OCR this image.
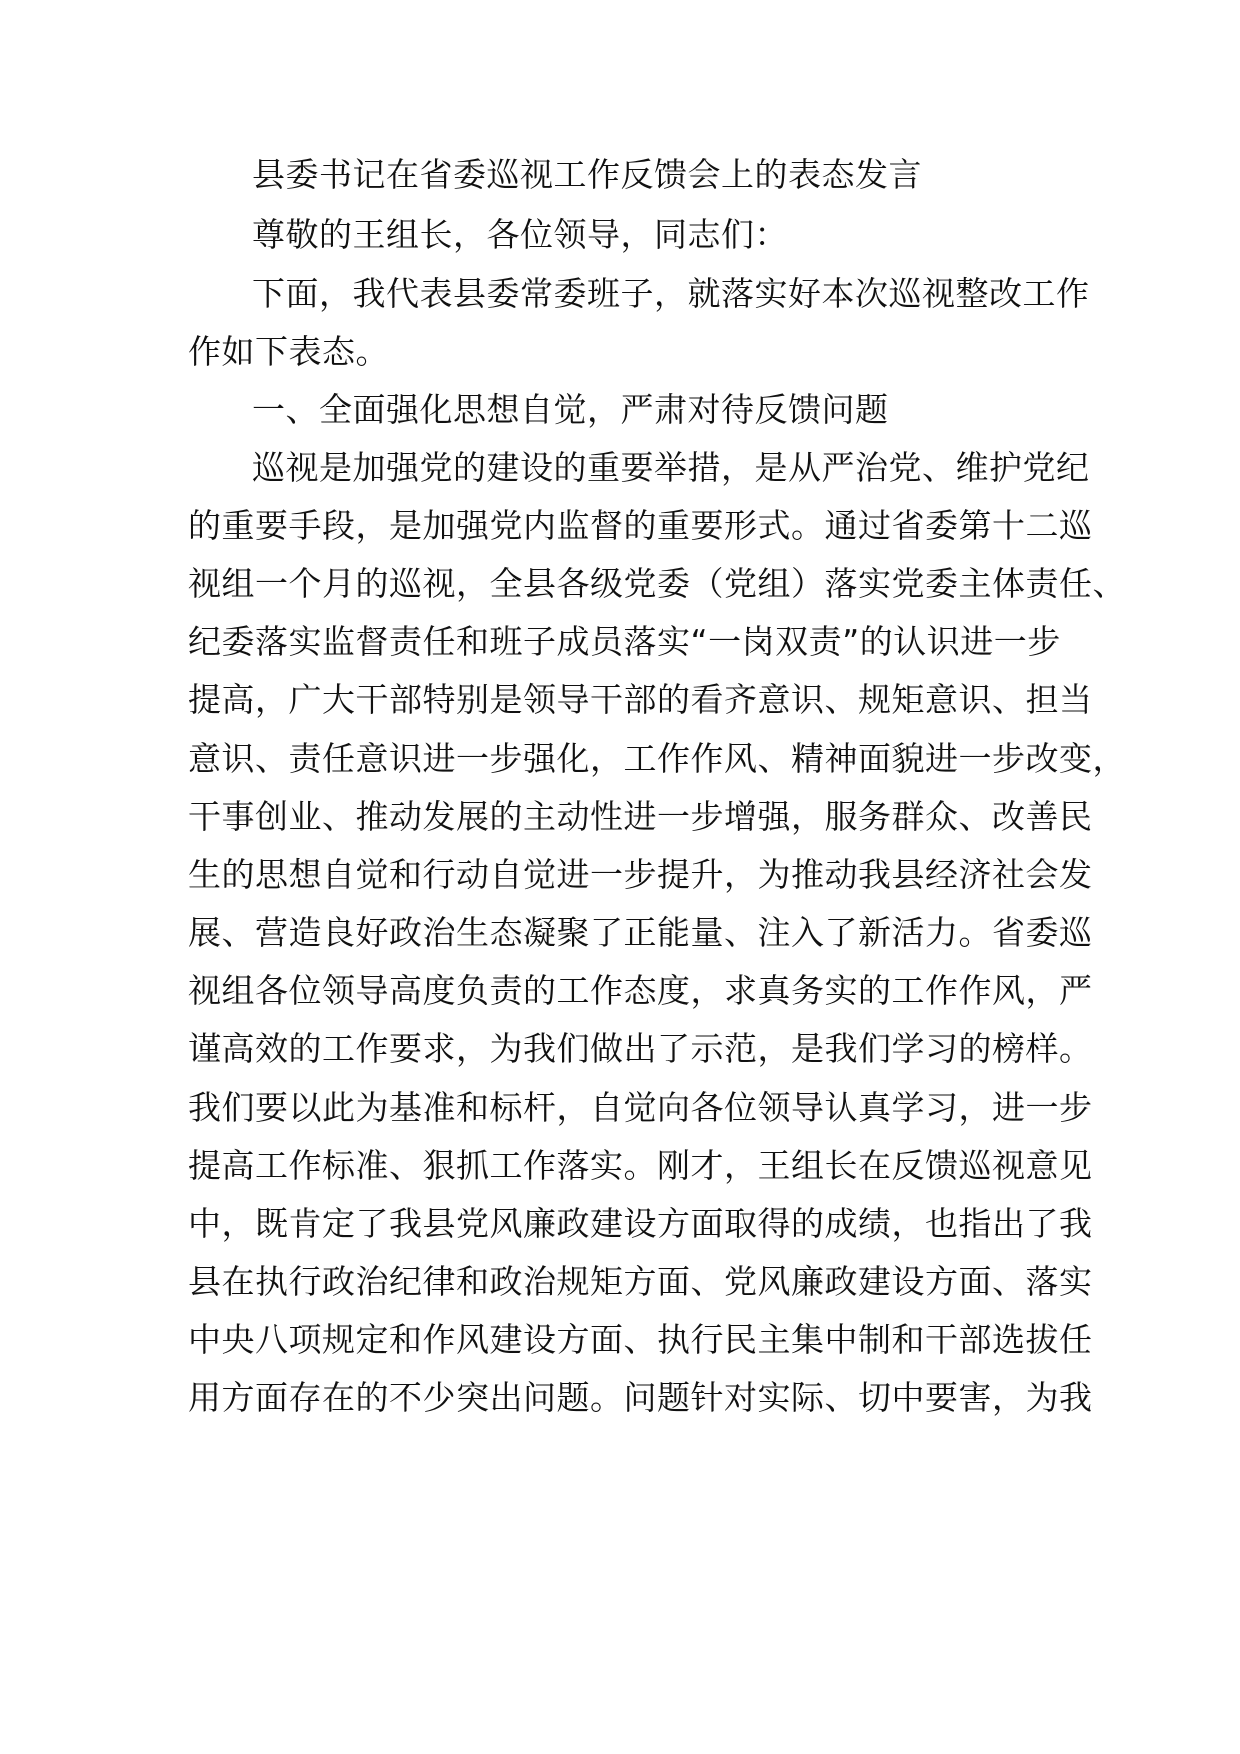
县委书记在省委巡视工作反馈会上的表态发言
尊敬的王组长，各位领导，同志们：
下面，我代表县委常委班子，就落实好本次巡视整改工作
作如下表态。
一、全面强化思想自觉，严肃对待反馈问题
巡视是加强党的建设的重要举措，是从严治党、维护党纪
的重要手段，是加强党内监督的重要形式。通过省委第十二巡
视组一个月的巡视，全县各级党委（党组）落实党委主体责任、
纪委落实监督责任和班子成员落实“一岗双责”的认识进一步
提高，广大干部特别是领导干部的看齐意识、规矩意识、担当
意识、责任意识进一步强化，工作作风、精神面貌进一步改变，
干事创业、推动发展的主动性进一步增强，服务群众、改善民
生的思想自觉和行动自觉进一步提升，为推动我县经济社会发
展、营造良好政治生态凝聚了正能量、注入了新活力。省委巡
视组各位领导高度负责的工作态度，求真务实的工作作风，严
谨高效的工作要求，为我们做出了示范，是我们学习的榜样。
我们要以此为基准和标杆，自觉向各位领导认真学习，进一步
提高工作标准、狠抓工作落实。刚才，王组长在反馈巡视意见
中，既肯定了我县党风廉政建设方面取得的成绩，也指出了我
县在执行政治纪律和政治规矩方面、党风廉政建设方面、落实
中央八项规定和作风建设方面、执行民主集中制和干部选拔任
用方面存在的不少突出问题。问题针对实际、切中要害，为我
